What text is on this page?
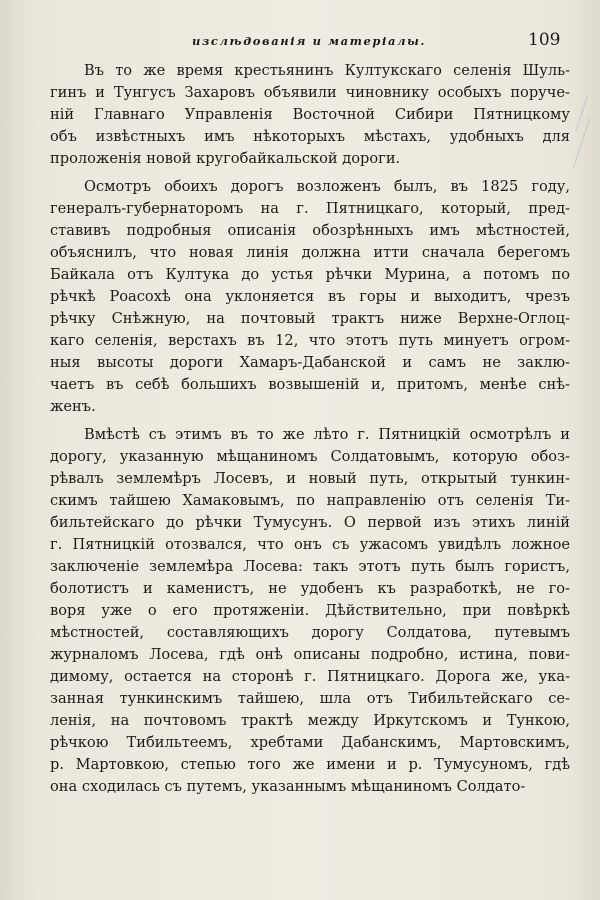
изслѣдованія и матеріалы.	109
Въ то же время крестьянинъ Култукскаго селенія Шуль-
гинъ и Тунгусъ Захаровъ объявили чиновнику особыхъ поруче-
ній Главнаго Управленія Восточной Сибири Пятницкому
объ извѣстныхъ имъ нѣкоторыхъ мѣстахъ, удобныхъ для
проложенія новой кругобайкальской дороги.
Осмотръ обоихъ дорогъ возложенъ былъ, въ 1825 году,
генералъ-губернаторомъ на г. Пятницкаго, который, пред-
ставивъ подробныя описанія обозрѣнныхъ имъ мѣстностей,
объяснилъ, что новая линія должна итти сначала берегомъ
Байкала отъ Култука до устья рѣчки Мурина, а потомъ по
рѣчкѣ Роасохѣ она уклоняется въ горы и выходитъ, чрезъ
рѣчку Снѣжную, на почтовый трактъ ниже Верхне-Оглоц-
каго селенія, верстахъ въ 12, что этотъ путь минуетъ огром-
ныя высоты дороги Хамаръ-Дабанской и самъ не заклю-
чаетъ въ себѣ большихъ возвышеній и, притомъ, менѣе снѣ-
женъ.
Вмѣстѣ съ этимъ въ то же лѣто г. Пятницкій осмотрѣлъ и
дорогу, указанную мѣщаниномъ Солдатовымъ, которую обоз-
рѣвалъ землемѣръ Лосевъ, и новый путь, открытый тункин-
скимъ тайшею Хамаковымъ, по направленію отъ селенія Ти-
бильтейскаго до рѣчки Тумусунъ. О первой изъ этихъ линій
г. Пятницкій отозвался, что онъ съ ужасомъ увидѣлъ ложное
заключеніе землемѣра Лосева: такъ этотъ путь былъ гористъ,
болотистъ и каменистъ, не удобенъ къ разработкѣ, не го-
воря уже о его протяженіи. Дѣйствительно, при повѣркѣ
мѣстностей, составляющихъ дорогу Солдатова, путевымъ
журналомъ Лосева, гдѣ онѣ описаны подробно, истина, пови-
димому, остается на сторонѣ г. Пятницкаго. Дорога же, ука-
занная тункинскимъ тайшею, шла отъ Тибильтейскаго се-
ленія, на почтовомъ трактѣ между Иркутскомъ и Тункою,
рѣчкою Тибильтеемъ, хребтами Дабанскимъ, Мартовскимъ,
р. Мартовкою, степью того же имени и р. Тумусуномъ, гдѣ
она сходилась съ путемъ, указаннымъ мѣщаниномъ Солдато-
